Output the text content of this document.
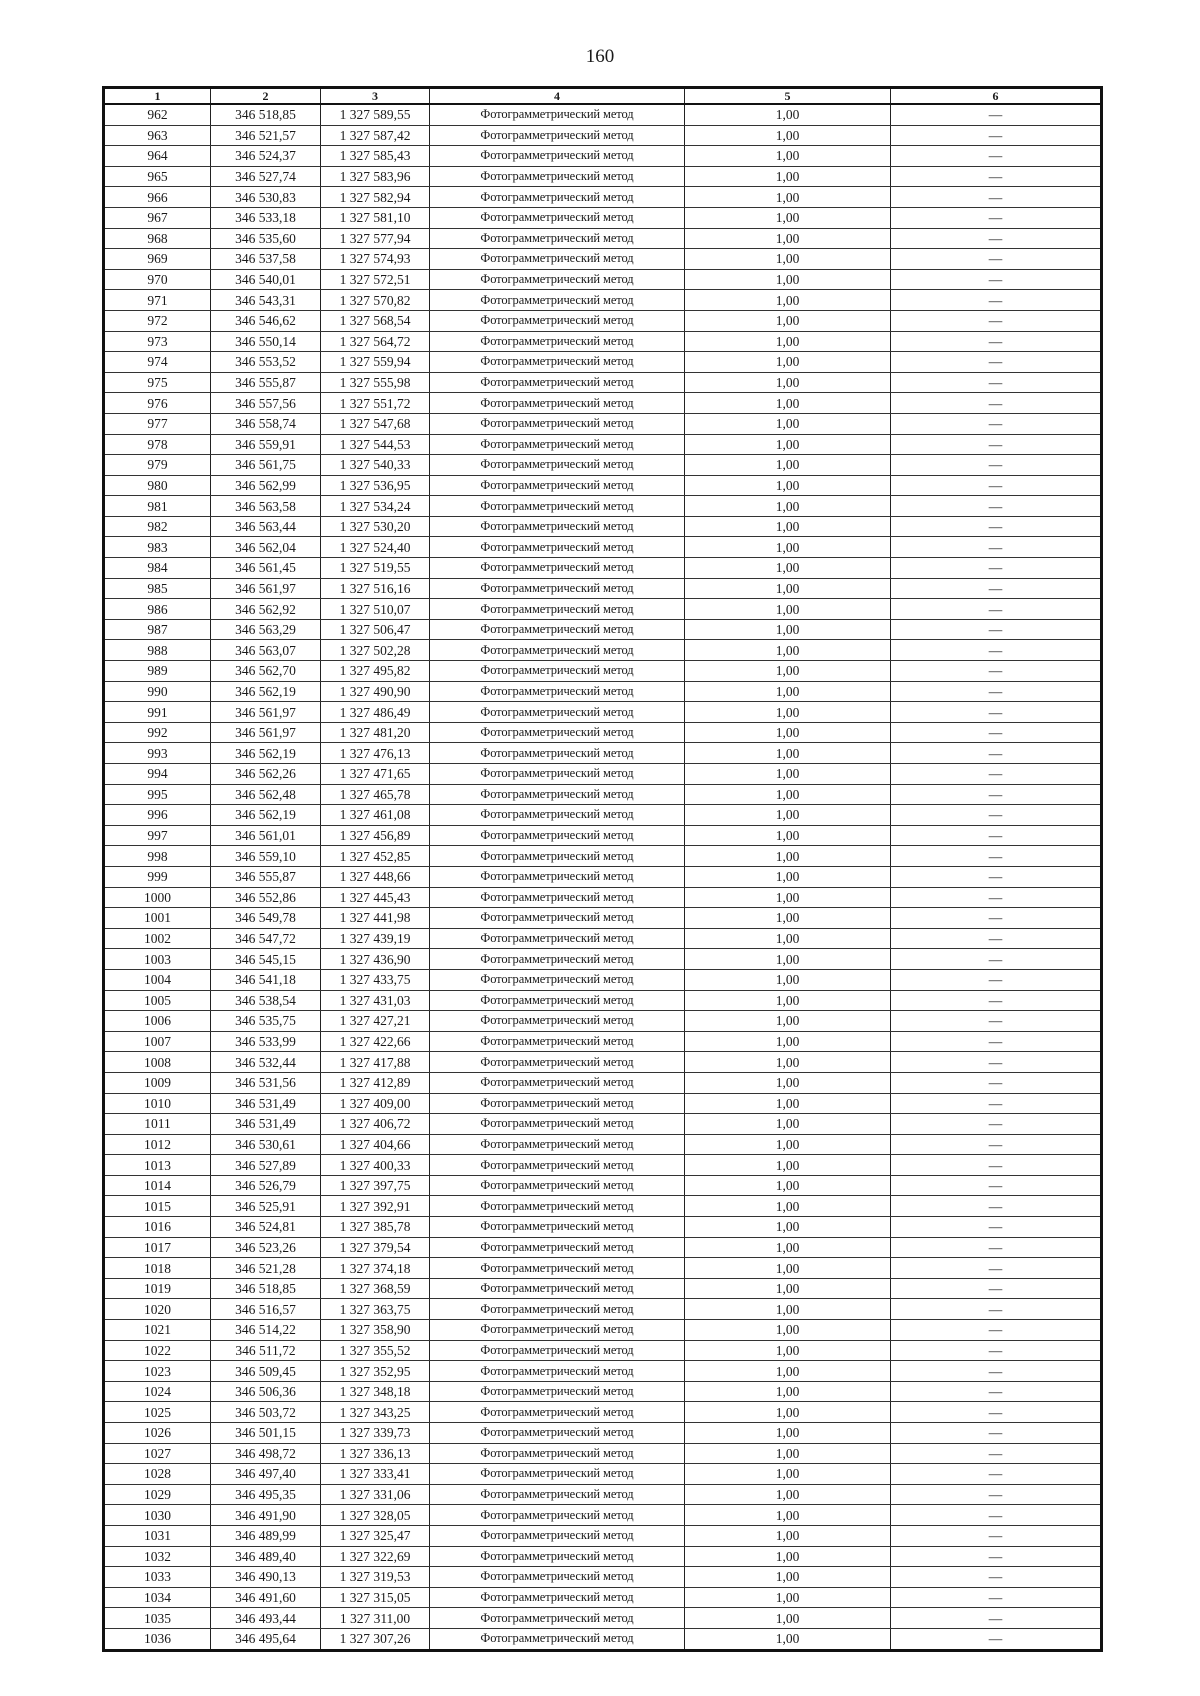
160
1	2	3	4	5	6
962	346 518,85	1 327 589,55	Фотограмметрический метод	1,00	—
963	346 521,57	1 327 587,42	Фотограмметрический метод	1,00	—
964	346 524,37	1 327 585,43	Фотограмметрический метод	1,00	—
965	346 527,74	1 327 583,96	Фотограмметрический метод	1,00	—
966	346 530,83	1 327 582,94	Фотограмметрический метод	1,00	—
967	346 533,18	1 327 581,10	Фотограмметрический метод	1,00	—
968	346 535,60	1 327 577,94	Фотограмметрический метод	1,00	—
969	346 537,58	1 327 574,93	Фотограмметрический метод	1,00	—
970	346 540,01	1 327 572,51	Фотограмметрический метод	1,00	—
971	346 543,31	1 327 570,82	Фотограмметрический метод	1,00	—
972	346 546,62	1 327 568,54	Фотограмметрический метод	1,00	—
973	346 550,14	1 327 564,72	Фотограмметрический метод	1,00	—
974	346 553,52	1 327 559,94	Фотограмметрический метод	1,00	—
975	346 555,87	1 327 555,98	Фотограмметрический метод	1,00	—
976	346 557,56	1 327 551,72	Фотограмметрический метод	1,00	—
977	346 558,74	1 327 547,68	Фотограмметрический метод	1,00	—
978	346 559,91	1 327 544,53	Фотограмметрический метод	1,00	—
979	346 561,75	1 327 540,33	Фотограмметрический метод	1,00	—
980	346 562,99	1 327 536,95	Фотограмметрический метод	1,00	—
981	346 563,58	1 327 534,24	Фотограмметрический метод	1,00	—
982	346 563,44	1 327 530,20	Фотограмметрический метод	1,00	—
983	346 562,04	1 327 524,40	Фотограмметрический метод	1,00	—
984	346 561,45	1 327 519,55	Фотограмметрический метод	1,00	—
985	346 561,97	1 327 516,16	Фотограмметрический метод	1,00	—
986	346 562,92	1 327 510,07	Фотограмметрический метод	1,00	—
987	346 563,29	1 327 506,47	Фотограмметрический метод	1,00	—
988	346 563,07	1 327 502,28	Фотограмметрический метод	1,00	—
989	346 562,70	1 327 495,82	Фотограмметрический метод	1,00	—
990	346 562,19	1 327 490,90	Фотограмметрический метод	1,00	—
991	346 561,97	1 327 486,49	Фотограмметрический метод	1,00	—
992	346 561,97	1 327 481,20	Фотограмметрический метод	1,00	—
993	346 562,19	1 327 476,13	Фотограмметрический метод	1,00	—
994	346 562,26	1 327 471,65	Фотограмметрический метод	1,00	—
995	346 562,48	1 327 465,78	Фотограмметрический метод	1,00	—
996	346 562,19	1 327 461,08	Фотограмметрический метод	1,00	—
997	346 561,01	1 327 456,89	Фотограмметрический метод	1,00	—
998	346 559,10	1 327 452,85	Фотограмметрический метод	1,00	—
999	346 555,87	1 327 448,66	Фотограмметрический метод	1,00	—
1000	346 552,86	1 327 445,43	Фотограмметрический метод	1,00	—
1001	346 549,78	1 327 441,98	Фотограмметрический метод	1,00	—
1002	346 547,72	1 327 439,19	Фотограмметрический метод	1,00	—
1003	346 545,15	1 327 436,90	Фотограмметрический метод	1,00	—
1004	346 541,18	1 327 433,75	Фотограмметрический метод	1,00	—
1005	346 538,54	1 327 431,03	Фотограмметрический метод	1,00	—
1006	346 535,75	1 327 427,21	Фотограмметрический метод	1,00	—
1007	346 533,99	1 327 422,66	Фотограмметрический метод	1,00	—
1008	346 532,44	1 327 417,88	Фотограмметрический метод	1,00	—
1009	346 531,56	1 327 412,89	Фотограмметрический метод	1,00	—
1010	346 531,49	1 327 409,00	Фотограмметрический метод	1,00	—
1011	346 531,49	1 327 406,72	Фотограмметрический метод	1,00	—
1012	346 530,61	1 327 404,66	Фотограмметрический метод	1,00	—
1013	346 527,89	1 327 400,33	Фотограмметрический метод	1,00	—
1014	346 526,79	1 327 397,75	Фотограмметрический метод	1,00	—
1015	346 525,91	1 327 392,91	Фотограмметрический метод	1,00	—
1016	346 524,81	1 327 385,78	Фотограмметрический метод	1,00	—
1017	346 523,26	1 327 379,54	Фотограмметрический метод	1,00	—
1018	346 521,28	1 327 374,18	Фотограмметрический метод	1,00	—
1019	346 518,85	1 327 368,59	Фотограмметрический метод	1,00	—
1020	346 516,57	1 327 363,75	Фотограмметрический метод	1,00	—
1021	346 514,22	1 327 358,90	Фотограмметрический метод	1,00	—
1022	346 511,72	1 327 355,52	Фотограмметрический метод	1,00	—
1023	346 509,45	1 327 352,95	Фотограмметрический метод	1,00	—
1024	346 506,36	1 327 348,18	Фотограмметрический метод	1,00	—
1025	346 503,72	1 327 343,25	Фотограмметрический метод	1,00	—
1026	346 501,15	1 327 339,73	Фотограмметрический метод	1,00	—
1027	346 498,72	1 327 336,13	Фотограмметрический метод	1,00	—
1028	346 497,40	1 327 333,41	Фотограмметрический метод	1,00	—
1029	346 495,35	1 327 331,06	Фотограмметрический метод	1,00	—
1030	346 491,90	1 327 328,05	Фотограмметрический метод	1,00	—
1031	346 489,99	1 327 325,47	Фотограмметрический метод	1,00	—
1032	346 489,40	1 327 322,69	Фотограмметрический метод	1,00	—
1033	346 490,13	1 327 319,53	Фотограмметрический метод	1,00	—
1034	346 491,60	1 327 315,05	Фотограмметрический метод	1,00	—
1035	346 493,44	1 327 311,00	Фотограмметрический метод	1,00	—
1036	346 495,64	1 327 307,26	Фотограмметрический метод	1,00	—
